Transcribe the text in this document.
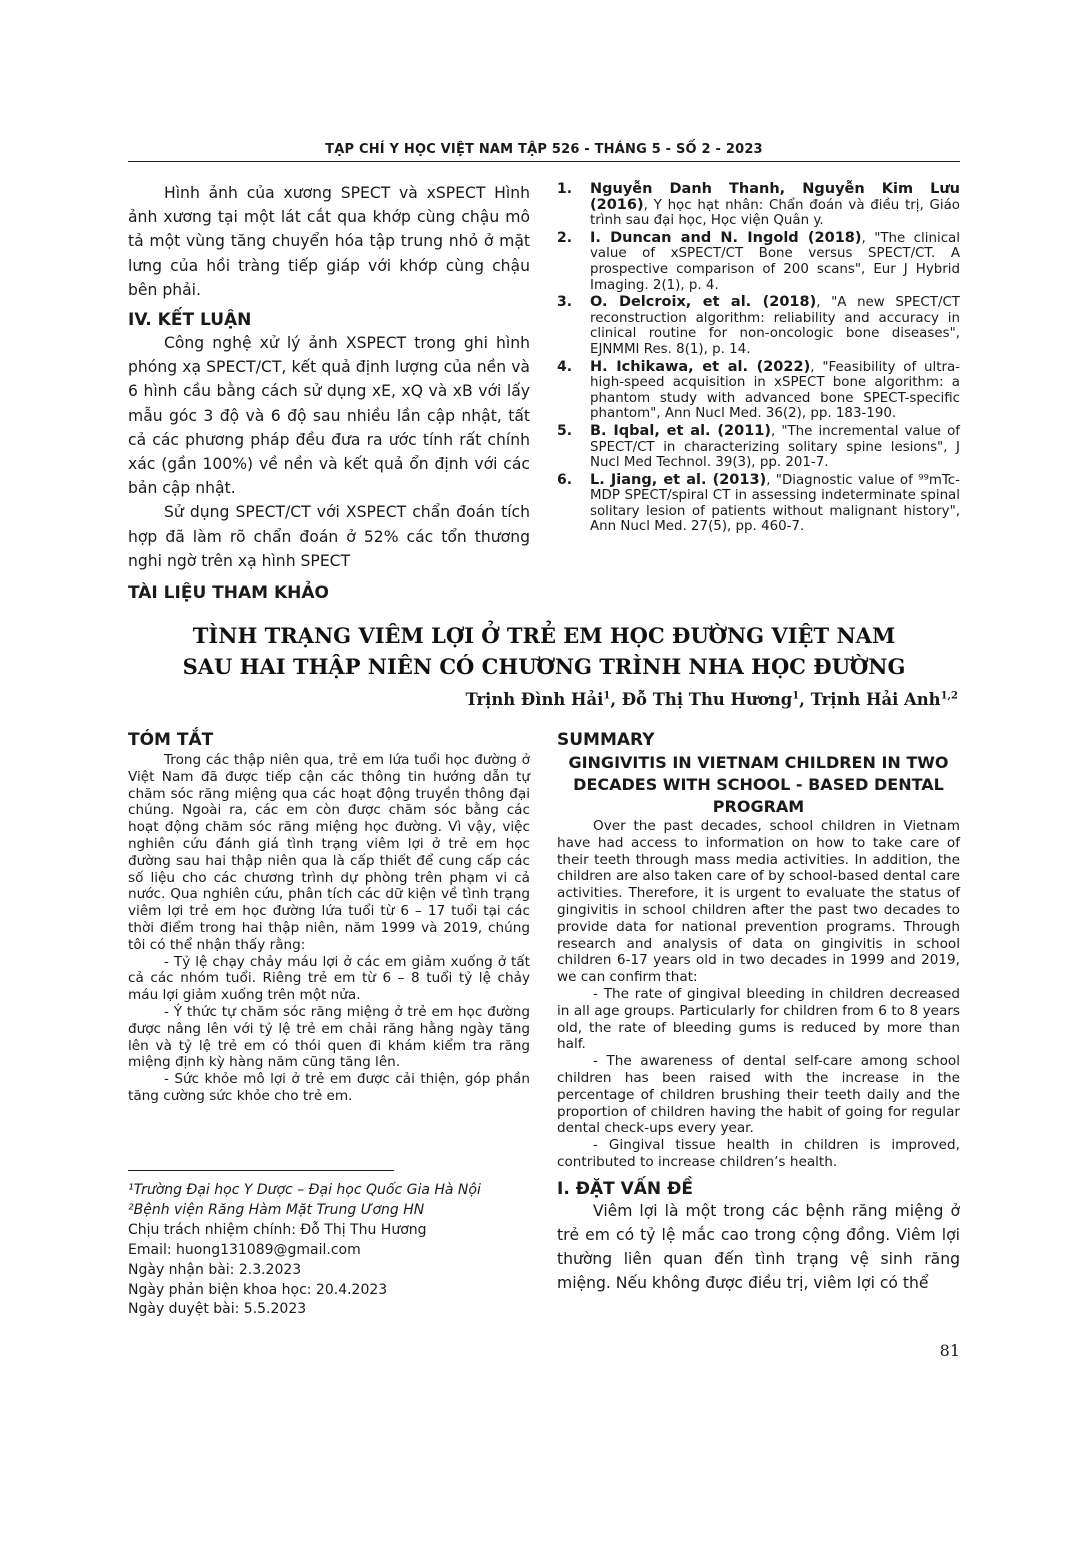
TẠP CHÍ Y HỌC VIỆT NAM TẬP 526 - THÁNG 5 - SỐ 2 - 2023

Hình ảnh của xương SPECT và xSPECT Hình ảnh xương tại một lát cắt qua khớp cùng chậu mô tả một vùng tăng chuyển hóa tập trung nhỏ ở mặt lưng của hồi tràng tiếp giáp với khớp cùng chậu bên phải.

IV. KẾT LUẬN

Công nghệ xử lý ảnh XSPECT trong ghi hình phóng xạ SPECT/CT, kết quả định lượng của nền và 6 hình cầu bằng cách sử dụng xE, xQ và xB với lấy mẫu góc 3 độ và 6 độ sau nhiều lần cập nhật, tất cả các phương pháp đều đưa ra ước tính rất chính xác (gần 100%) về nền và kết quả ổn định với các bản cập nhật.

Sử dụng SPECT/CT với XSPECT chẩn đoán tích hợp đã làm rõ chẩn đoán ở 52% các tổn thương nghi ngờ trên xạ hình SPECT

TÀI LIỆU THAM KHẢO

1. Nguyễn Danh Thanh, Nguyễn Kim Lưu (2016), Y học hạt nhân: Chẩn đoán và điều trị, Giáo trình sau đại học, Học viện Quân y.
2. I. Duncan and N. Ingold (2018), "The clinical value of xSPECT/CT Bone versus SPECT/CT. A prospective comparison of 200 scans", Eur J Hybrid Imaging. 2(1), p. 4.
3. O. Delcroix, et al. (2018), "A new SPECT/CT reconstruction algorithm: reliability and accuracy in clinical routine for non-oncologic bone diseases", EJNMMI Res. 8(1), p. 14.
4. H. Ichikawa, et al. (2022), "Feasibility of ultra-high-speed acquisition in xSPECT bone algorithm: a phantom study with advanced bone SPECT-specific phantom", Ann Nucl Med. 36(2), pp. 183-190.
5. B. Iqbal, et al. (2011), "The incremental value of SPECT/CT in characterizing solitary spine lesions", J Nucl Med Technol. 39(3), pp. 201-7.
6. L. Jiang, et al. (2013), "Diagnostic value of ⁹⁹mTc-MDP SPECT/spiral CT in assessing indeterminate spinal solitary lesion of patients without malignant history", Ann Nucl Med. 27(5), pp. 460-7.
TÌNH TRẠNG VIÊM LỢI Ở TRẺ EM HỌC ĐƯỜNG VIỆT NAM
SAU HAI THẬP NIÊN CÓ CHƯƠNG TRÌNH NHA HỌC ĐƯỜNG
Trịnh Đình Hải$^1$, Đỗ Thị Thu Hương$^1$, Trịnh Hải Anh$^{1,2}$

TÓM TẮT

Trong các thập niên qua, trẻ em lứa tuổi học đường ở Việt Nam đã được tiếp cận các thông tin hướng dẫn tự chăm sóc răng miệng qua các hoạt động truyền thông đại chúng. Ngoài ra, các em còn được chăm sóc bằng các hoạt động chăm sóc răng miệng học đường. Vì vậy, việc nghiên cứu đánh giá tình trạng viêm lợi ở trẻ em học đường sau hai thập niên qua là cấp thiết để cung cấp các số liệu cho các chương trình dự phòng trên phạm vi cả nước. Qua nghiên cứu, phân tích các dữ kiện về tình trạng viêm lợi trẻ em học đường lứa tuổi từ 6 – 17 tuổi tại các thời điểm trong hai thập niên, năm 1999 và 2019, chúng tôi có thể nhận thấy rằng:

- Tỷ lệ chạy chảy máu lợi ở các em giảm xuống ở tất cả các nhóm tuổi. Riêng trẻ em từ 6 – 8 tuổi tỷ lệ chảy máu lợi giảm xuống trên một nửa.

- Ý thức tự chăm sóc răng miệng ở trẻ em học đường được nâng lên với tỷ lệ trẻ em chải răng hằng ngày tăng lên và tỷ lệ trẻ em có thói quen đi khám kiểm tra răng miệng định kỳ hàng năm cũng tăng lên.

- Sức khỏe mô lợi ở trẻ em được cải thiện, góp phần tăng cường sức khỏe cho trẻ em.

¹Trường Đại học Y Dược – Đại học Quốc Gia Hà Nội

²Bệnh viện Răng Hàm Mặt Trung Ương HN

Chịu trách nhiệm chính: Đỗ Thị Thu Hương

Email: huong131089@gmail.com

Ngày nhận bài: 2.3.2023

Ngày phản biện khoa học: 20.4.2023

Ngày duyệt bài: 5.5.2023

SUMMARY

GINGIVITIS IN VIETNAM CHILDREN IN TWO DECADES WITH SCHOOL - BASED DENTAL PROGRAM

Over the past decades, school children in Vietnam have had access to information on how to take care of their teeth through mass media activities. In addition, the children are also taken care of by school-based dental care activities. Therefore, it is urgent to evaluate the status of gingivitis in school children after the past two decades to provide data for national prevention programs. Through research and analysis of data on gingivitis in school children 6-17 years old in two decades in 1999 and 2019, we can confirm that:

- The rate of gingival bleeding in children decreased in all age groups. Particularly for children from 6 to 8 years old, the rate of bleeding gums is reduced by more than half.

- The awareness of dental self-care among school children has been raised with the increase in the percentage of children brushing their teeth daily and the proportion of children having the habit of going for regular dental check-ups every year.

- Gingival tissue health in children is improved, contributed to increase children’s health.

I. ĐẶT VẤN ĐỀ

Viêm lợi là một trong các bệnh răng miệng ở trẻ em có tỷ lệ mắc cao trong cộng đồng. Viêm lợi thường liên quan đến tình trạng vệ sinh răng miệng. Nếu không được điều trị, viêm lợi có thể

81
